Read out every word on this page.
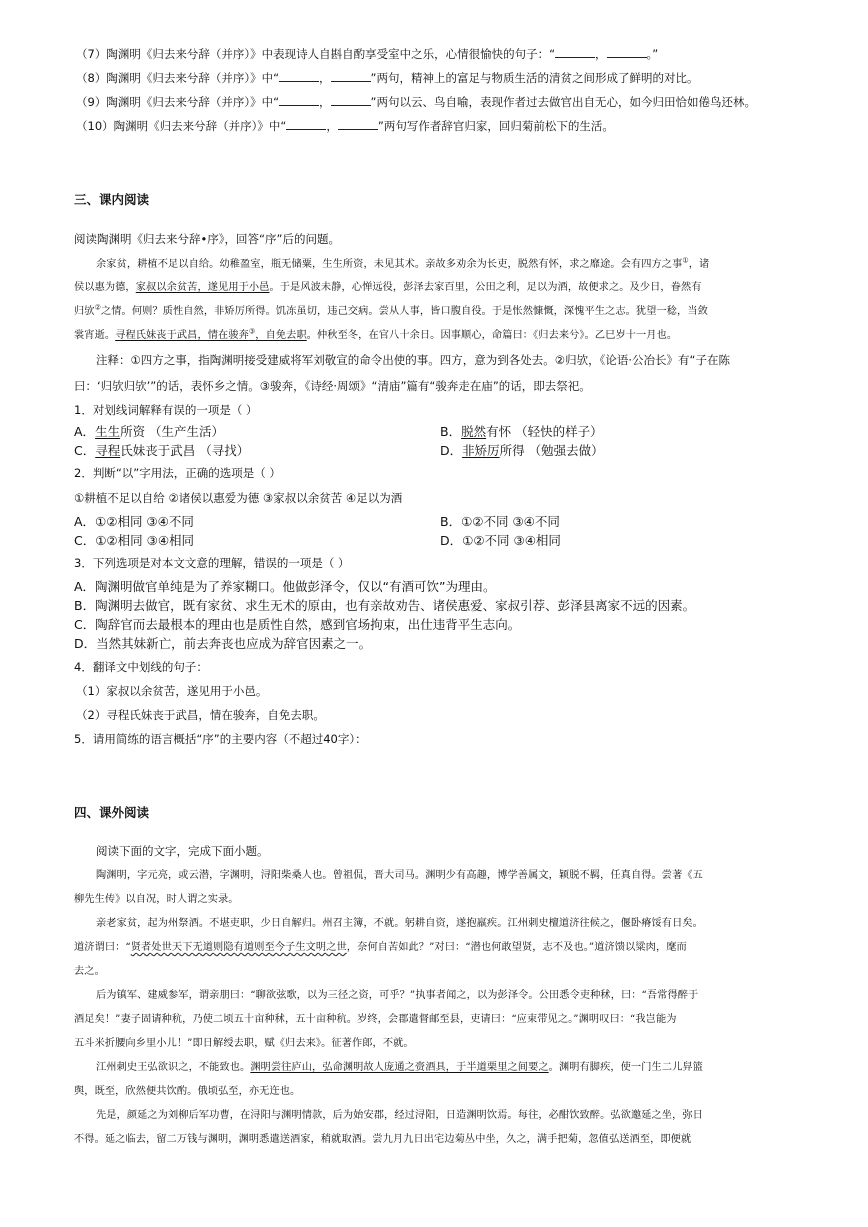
（7）陶渊明《归去来兮辞（并序）》中表现诗人自斟自酌享受室中之乐，心情很愉快的句子：“	，	。”
（8）陶渊明《归去来兮辞（并序）》中“	，	”两句，精神上的富足与物质生活的清贫之间形成了鲜明的对比。
（9）陶渊明《归去来兮辞（并序）》中“	，	”两句以云、鸟自喻，表现作者过去做官出自无心，如今归田恰如倦鸟还林。
（10）陶渊明《归去来兮辞（并序）》中“	，	”两句写作者辞官归家，回归菊前松下的生活。
三、课内阅读
阅读陶渊明《归去来兮辞•序》，回答“序”后的问题。
余家贫，耕植不足以自给。幼稚盈室，瓶无储粟，生生所资，未见其术。亲故多劝余为长吏，脱然有怀，求之靡途。会有四方之事①，诸
侯以惠为德，家叔以余贫苦，遂见用于小邑。于是风波未静，心惮远役，彭泽去家百里，公田之利，足以为酒，故便求之。及少日，眷然有
归欤②之情。何则？质性自然，非矫厉所得。饥冻虽切，违己交病。尝从人事，皆口腹自役。于是怅然慷慨，深愧平生之志。犹望一稔，当敛
裳宵逝。寻程氏妹丧于武昌，情在骏奔③，自免去职。仲秋至冬，在官八十余日。因事顺心，命篇曰：《归去来兮》。乙巳岁十一月也。
注释：①四方之事，指陶渊明接受建威将军刘敬宣的命令出使的事。四方，意为到各处去。②归欤，《论语·公冶长》有“子在陈
曰：‘归欤归欤’”的话，表怀乡之情。③骏奔，《诗经·周颂》“清庙”篇有“骏奔走在庙”的话，即去祭祀。
1．对划线词解释有误的一项是（ ）
A．生生所资 （生产生活）	B．脱然有怀 （轻快的样子）
C．寻程氏妹丧于武昌 （寻找）	D．非矫厉所得 （勉强去做）
2．判断“以”字用法，正确的选项是（ ）
①耕植不足以自给 ②诸侯以惠爱为德 ③家叔以余贫苦 ④足以为酒
A．①②相同 ③④不同	B．①②不同 ③④不同
C．①②相同 ③④相同	D．①②不同 ③④相同
3．下列选项是对本文文意的理解，错误的一项是（ ）
A．陶渊明做官单纯是为了养家糊口。他做彭泽令，仅以“有酒可饮”为理由。
B．陶渊明去做官，既有家贫、求生无术的原由，也有亲故劝告、诸侯惠爱、家叔引荐、彭泽县离家不远的因素。
C．陶辞官而去最根本的理由也是质性自然，感到官场拘束，出仕违背平生志向。
D．当然其妹新亡，前去奔丧也应成为辞官因素之一。
4．翻译文中划线的句子：
（1）家叔以余贫苦，遂见用于小邑。
（2）寻程氏妹丧于武昌，情在骏奔，自免去职。
5．请用简练的语言概括“序”的主要内容（不超过40字）：
四、课外阅读
阅读下面的文字，完成下面小题。
陶渊明，字元亮，或云潜，字渊明，浔阳柴桑人也。曾祖侃，晋大司马。渊明少有高趣，博学善属文，颖脱不羁，任真自得。尝著《五
柳先生传》以自况，时人谓之实录。
亲老家贫，起为州祭酒。不堪吏职，少日自解归。州召主簿，不就。躬耕自资，遂抱羸疾。江州刺史檀道济往候之，偃卧瘠馁有日矣。
道济谓曰：“贤者处世天下无道则隐有道则至今子生文明之世，奈何自苦如此？”对曰：“潜也何敢望贤，志不及也。”道济馈以粱肉，麾而
去之。
后为镇军、建威参军，谓亲朋曰：“聊欲弦歌，以为三径之资，可乎？”执事者闻之，以为彭泽令。公田悉令吏种秫，曰：“吾常得醉于
酒足矣！”妻子固请种秔，乃使二顷五十亩种秫，五十亩种秔。岁终，会郡遣督邮至县，吏请曰：“应束带见之。”渊明叹曰：“我岂能为
五斗米折腰向乡里小儿！”即日解绶去职，赋《归去来》。征著作郎，不就。
江州刺史王弘欲识之，不能致也。渊明尝往庐山，弘命渊明故人庞通之赍酒具，于半道栗里之间要之。渊明有脚疾，使一门生二儿舁篮
舆，既至，欣然便共饮酌。俄顷弘至，亦无迕也。
先是，颜延之为刘柳后军功曹，在浔阳与渊明情款，后为始安郡，经过浔阳，日造渊明饮焉。每往，必酣饮致醉。弘欲邀延之坐，弥日
不得。延之临去，留二万钱与渊明，渊明悉遣送酒家，稍就取酒。尝九月九日出宅边菊丛中坐，久之，满手把菊，忽值弘送酒至，即便就
